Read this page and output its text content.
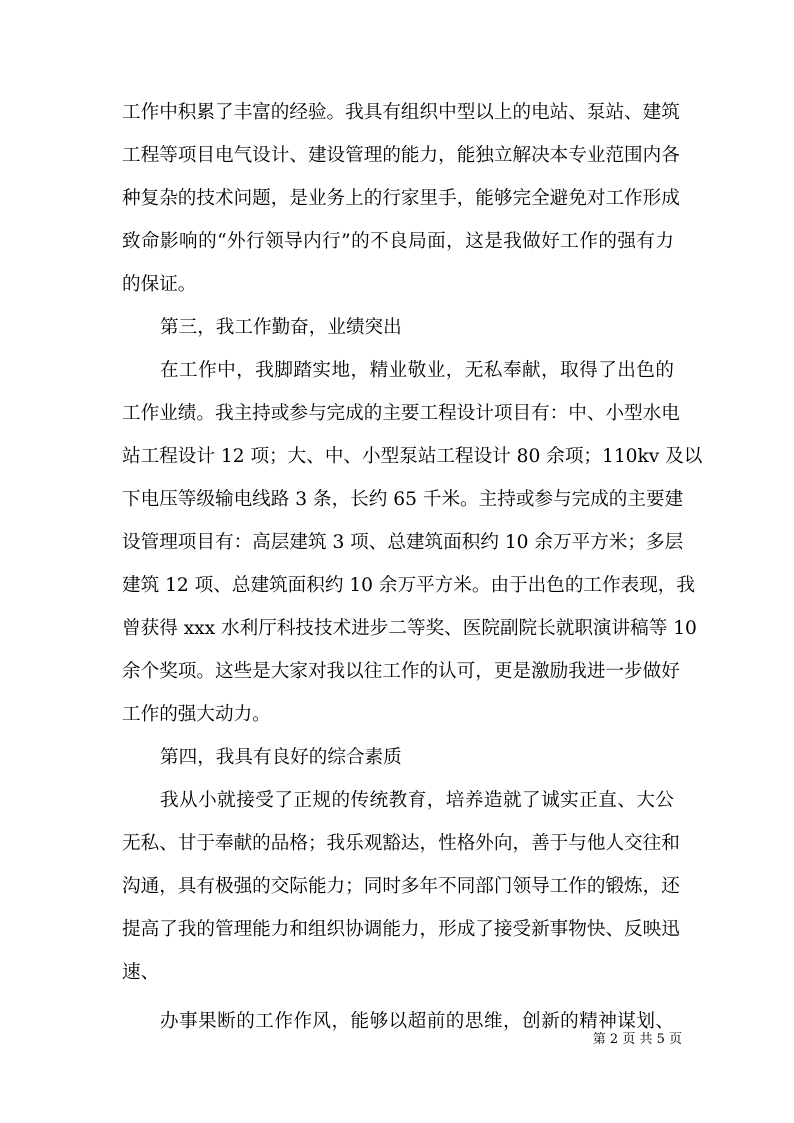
工作中积累了丰富的经验。我具有组织中型以上的电站、泵站、建筑
工程等项目电气设计、建设管理的能力，能独立解决本专业范围内各
种复杂的技术问题，是业务上的行家里手，能够完全避免对工作形成
致命影响的“外行领导内行”的不良局面，这是我做好工作的强有力
的保证。
第三，我工作勤奋，业绩突出
在工作中，我脚踏实地，精业敬业，无私奉献，取得了出色的
工作业绩。我主持或参与完成的主要工程设计项目有：中、小型水电
站工程设计 12 项；大、中、小型泵站工程设计 80 余项；110kv 及以
下电压等级输电线路 3 条，长约 65 千米。主持或参与完成的主要建
设管理项目有：高层建筑 3 项、总建筑面积约 10 余万平方米；多层
建筑 12 项、总建筑面积约 10 余万平方米。由于出色的工作表现，我
曾获得 xxx 水利厅科技技术进步二等奖、医院副院长就职演讲稿等 10
余个奖项。这些是大家对我以往工作的认可，更是激励我进一步做好
工作的强大动力。
第四，我具有良好的综合素质
我从小就接受了正规的传统教育，培养造就了诚实正直、大公
无私、甘于奉献的品格；我乐观豁达，性格外向，善于与他人交往和
沟通，具有极强的交际能力；同时多年不同部门领导工作的锻炼，还
提高了我的管理能力和组织协调能力，形成了接受新事物快、反映迅
速、
办事果断的工作作风，能够以超前的思维，创新的精神谋划、
第 2 页 共 5 页
